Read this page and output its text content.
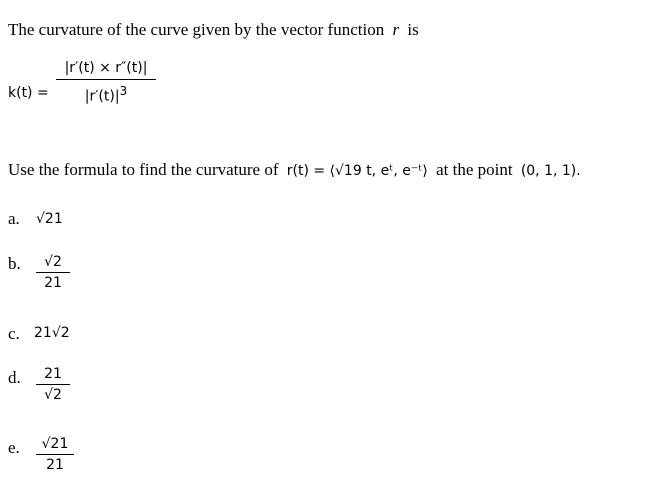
The curvature of the curve given by the vector function r is
k(t) =
|r′(t) × r″(t)|
$|r'(t)|^3$
Use the formula to find the curvature of r(t) = ⟨√19 t, eᵗ, e⁻ᵗ⟩ at the point (0, 1, 1).
a. √21
b. √2
21
c. 21√2
d. 21
√2
e. √21
21
